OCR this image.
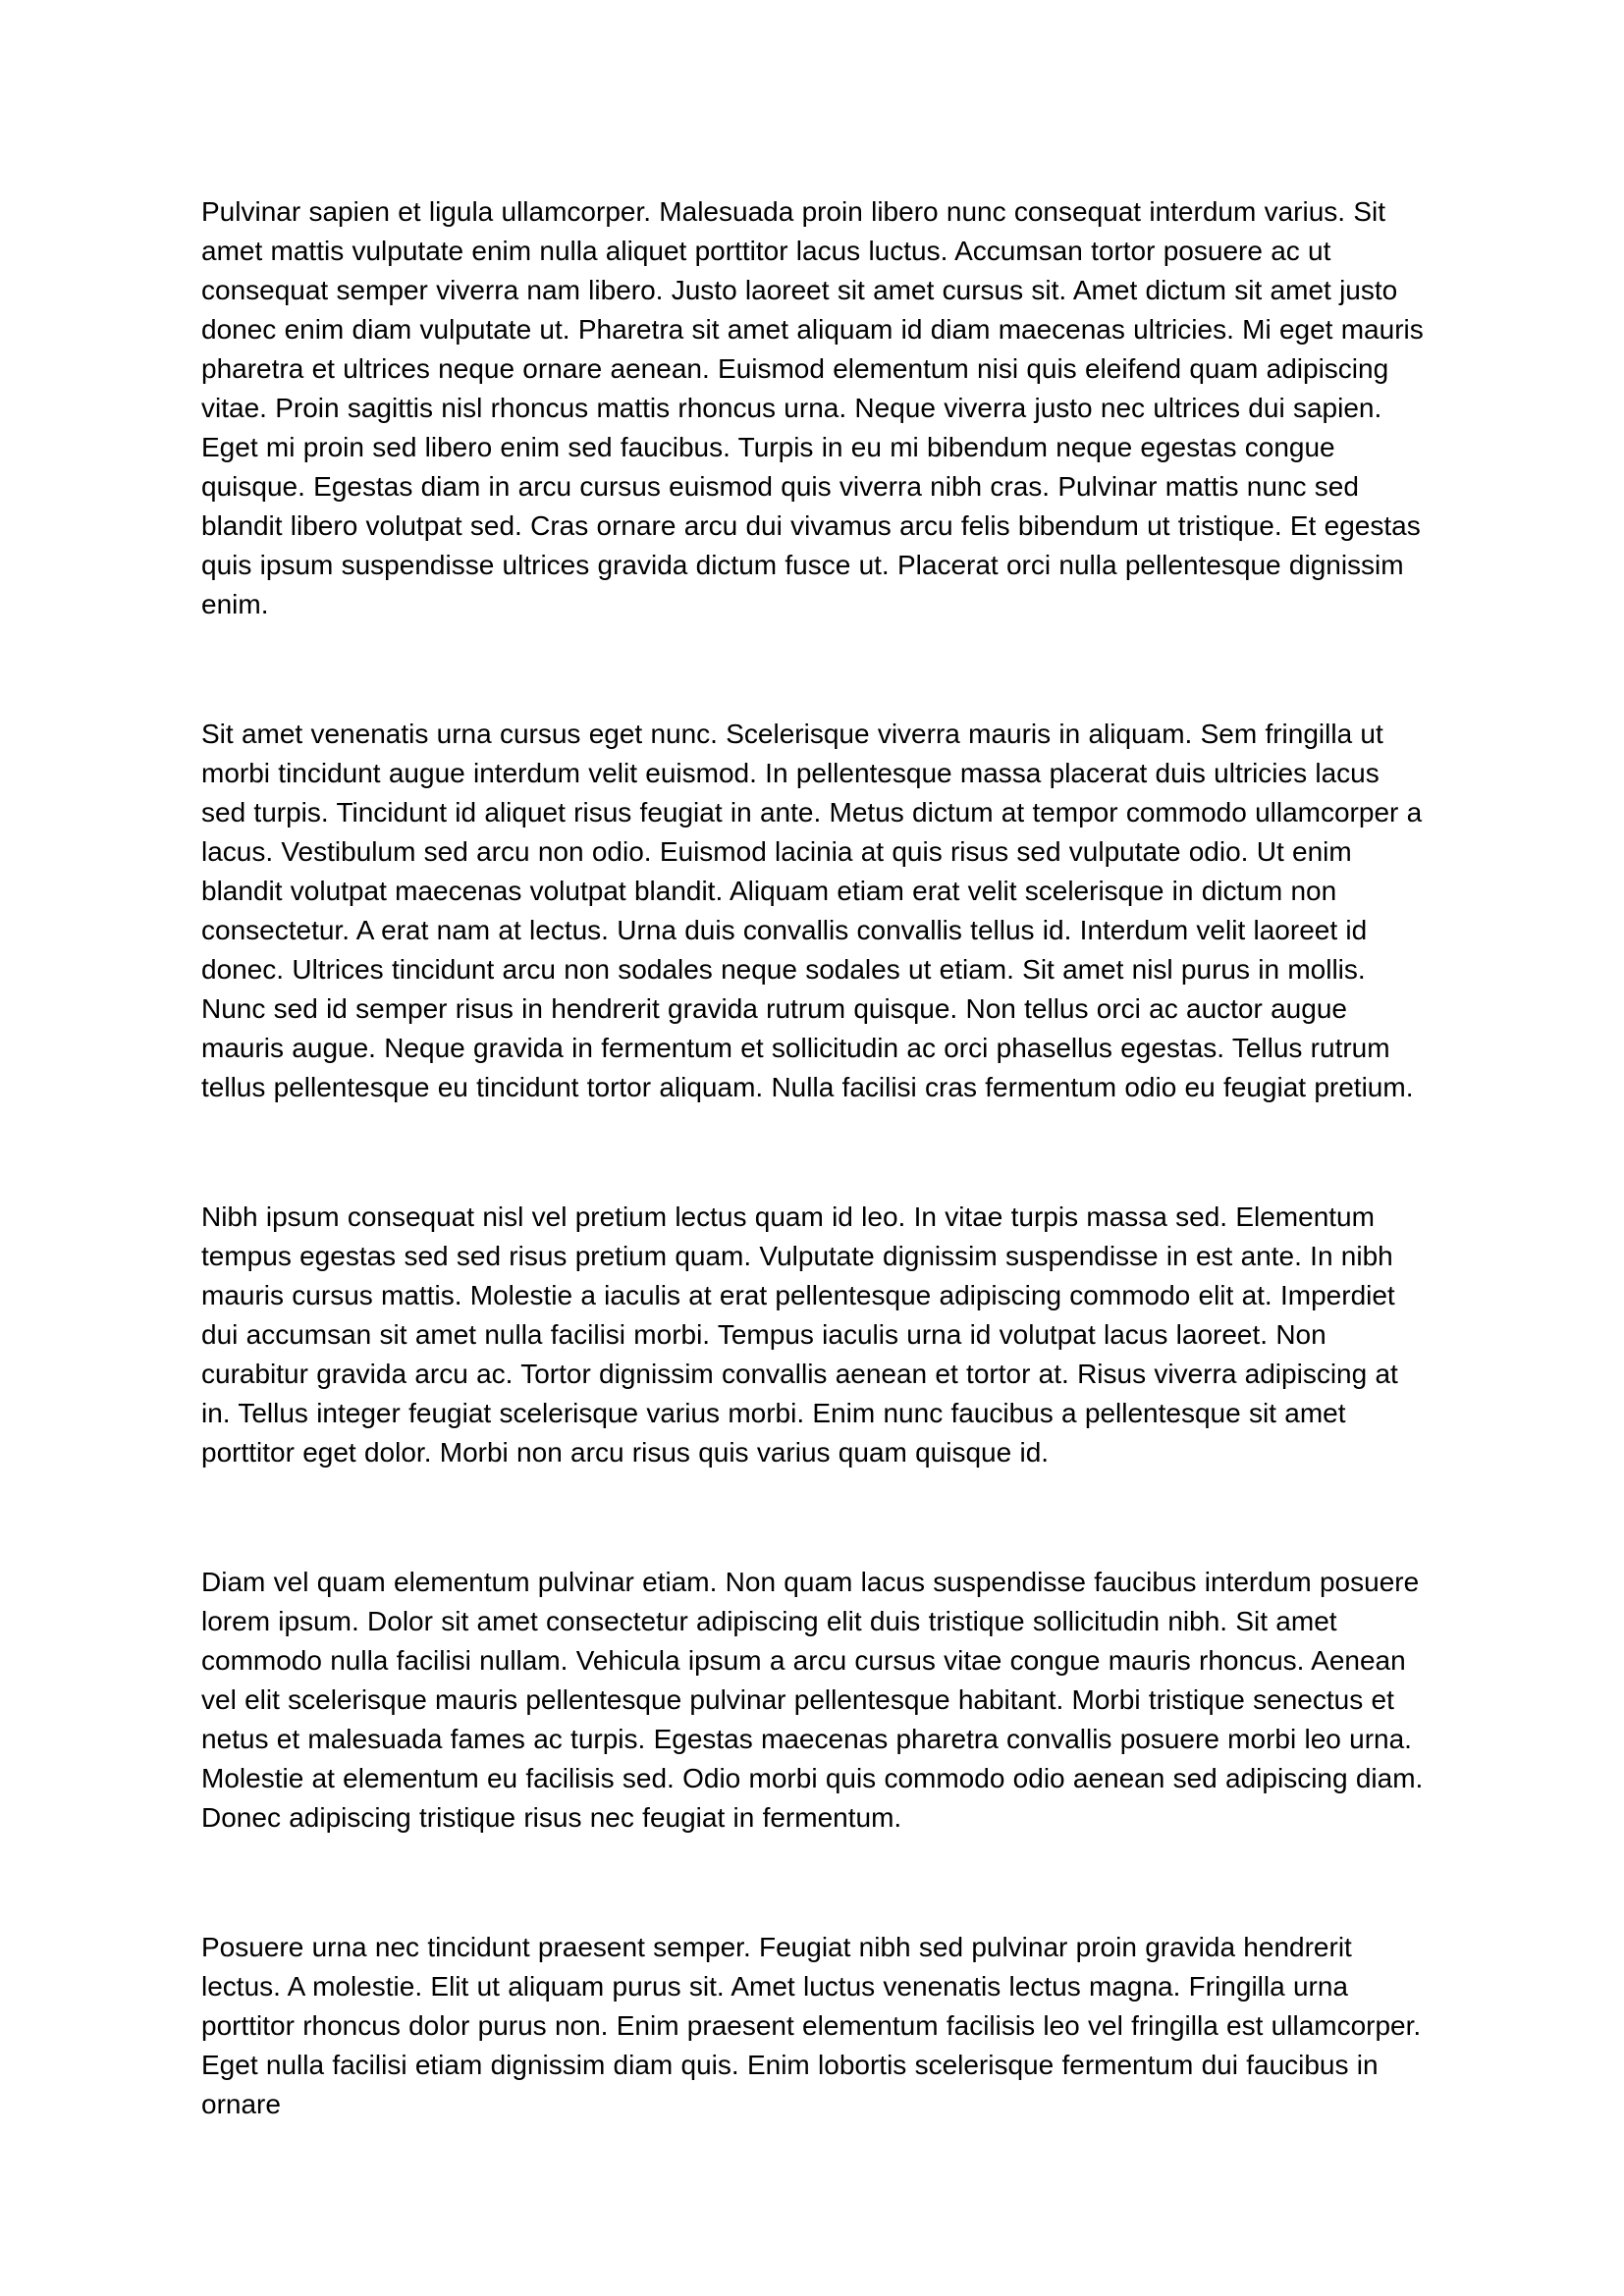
Pulvinar sapien et ligula ullamcorper. Malesuada proin libero nunc consequat interdum varius. Sit amet mattis vulputate enim nulla aliquet porttitor lacus luctus. Accumsan tortor posuere ac ut consequat semper viverra nam libero. Justo laoreet sit amet cursus sit. Amet dictum sit amet justo donec enim diam vulputate ut. Pharetra sit amet aliquam id diam maecenas ultricies. Mi eget mauris pharetra et ultrices neque ornare aenean. Euismod elementum nisi quis eleifend quam adipiscing vitae. Proin sagittis nisl rhoncus mattis rhoncus urna. Neque viverra justo nec ultrices dui sapien. Eget mi proin sed libero enim sed faucibus. Turpis in eu mi bibendum neque egestas congue quisque. Egestas diam in arcu cursus euismod quis viverra nibh cras. Pulvinar mattis nunc sed blandit libero volutpat sed. Cras ornare arcu dui vivamus arcu felis bibendum ut tristique. Et egestas quis ipsum suspendisse ultrices gravida dictum fusce ut. Placerat orci nulla pellentesque dignissim enim.

Sit amet venenatis urna cursus eget nunc. Scelerisque viverra mauris in aliquam. Sem fringilla ut morbi tincidunt augue interdum velit euismod. In pellentesque massa placerat duis ultricies lacus sed turpis. Tincidunt id aliquet risus feugiat in ante. Metus dictum at tempor commodo ullamcorper a lacus. Vestibulum sed arcu non odio. Euismod lacinia at quis risus sed vulputate odio. Ut enim blandit volutpat maecenas volutpat blandit. Aliquam etiam erat velit scelerisque in dictum non consectetur. A erat nam at lectus. Urna duis convallis convallis tellus id. Interdum velit laoreet id donec. Ultrices tincidunt arcu non sodales neque sodales ut etiam. Sit amet nisl purus in mollis. Nunc sed id semper risus in hendrerit gravida rutrum quisque. Non tellus orci ac auctor augue mauris augue. Neque gravida in fermentum et sollicitudin ac orci phasellus egestas. Tellus rutrum tellus pellentesque eu tincidunt tortor aliquam. Nulla facilisi cras fermentum odio eu feugiat pretium.

Nibh ipsum consequat nisl vel pretium lectus quam id leo. In vitae turpis massa sed. Elementum tempus egestas sed sed risus pretium quam. Vulputate dignissim suspendisse in est ante. In nibh mauris cursus mattis. Molestie a iaculis at erat pellentesque adipiscing commodo elit at. Imperdiet dui accumsan sit amet nulla facilisi morbi. Tempus iaculis urna id volutpat lacus laoreet. Non curabitur gravida arcu ac. Tortor dignissim convallis aenean et tortor at. Risus viverra adipiscing at in. Tellus integer feugiat scelerisque varius morbi. Enim nunc faucibus a pellentesque sit amet porttitor eget dolor. Morbi non arcu risus quis varius quam quisque id.

Diam vel quam elementum pulvinar etiam. Non quam lacus suspendisse faucibus interdum posuere lorem ipsum. Dolor sit amet consectetur adipiscing elit duis tristique sollicitudin nibh. Sit amet commodo nulla facilisi nullam. Vehicula ipsum a arcu cursus vitae congue mauris rhoncus. Aenean vel elit scelerisque mauris pellentesque pulvinar pellentesque habitant. Morbi tristique senectus et netus et malesuada fames ac turpis. Egestas maecenas pharetra convallis posuere morbi leo urna. Molestie at elementum eu facilisis sed. Odio morbi quis commodo odio aenean sed adipiscing diam. Donec adipiscing tristique risus nec feugiat in fermentum.

Posuere urna nec tincidunt praesent semper. Feugiat nibh sed pulvinar proin gravida hendrerit lectus. A molestie. Elit ut aliquam purus sit. Amet luctus venenatis lectus magna. Fringilla urna porttitor rhoncus dolor purus non. Enim praesent elementum facilisis leo vel fringilla est ullamcorper. Eget nulla facilisi etiam dignissim diam quis. Enim lobortis scelerisque fermentum dui faucibus in ornare
